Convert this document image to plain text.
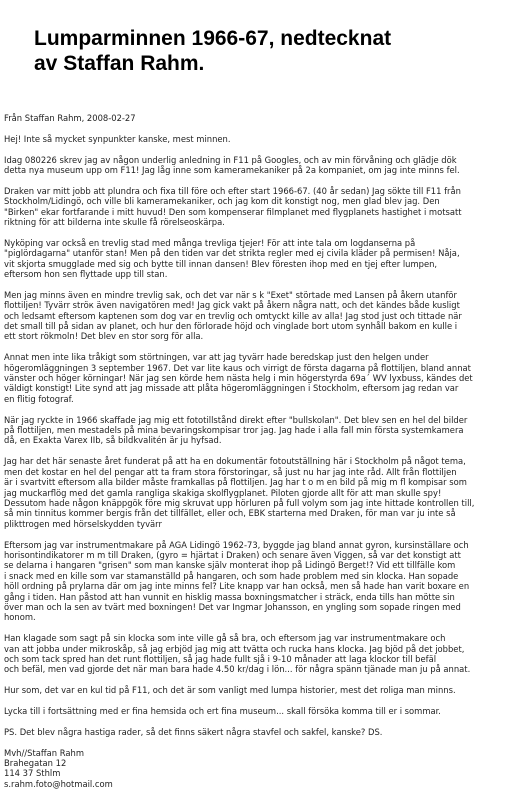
Lumparminnen 1966-67, nedtecknat
av Staffan Rahm.
Från Staffan Rahm, 2008-02-27
Hej! Inte så mycket synpunkter kanske, mest minnen.
Idag 080226 skrev jag av någon underlig anledning in F11 på Googles, och av min förvåning och glädje dök
detta nya museum upp om F11! Jag låg inne som kameramekaniker på 2a kompaniet, om jag inte minns fel.
Draken var mitt jobb att plundra och fixa till före och efter start 1966-67. (40 år sedan) Jag sökte till F11 från
Stockholm/Lidingö, och ville bli kameramekaniker, och jag kom dit konstigt nog, men glad blev jag. Den
"Birken" ekar fortfarande i mitt huvud! Den som kompenserar filmplanet med flygplanets hastighet i motsatt
riktning för att bilderna inte skulle få rörelseoskärpa.
Nyköping var också en trevlig stad med många trevliga tjejer! För att inte tala om logdanserna på
"piglördagarna" utanför stan! Men på den tiden var det strikta regler med ej civila kläder på permisen! Nåja,
vit skjorta smugglade med sig och bytte till innan dansen! Blev föresten ihop med en tjej efter lumpen,
eftersom hon sen flyttade upp till stan.
Men jag minns även en mindre trevlig sak, och det var när s k "Exet" störtade med Lansen på åkern utanför
flottiljen! Tyvärr ströк även navigatören med! Jag gick vakt på åkern några natt, och det kändes både kusligt
och ledsamt eftersom kaptenen som dog var en trevlig och omtyckt kille av alla! Jag stod just och tittade när
det small till på sidan av planet, och hur den förlorade höjd och vinglade bort utom synhåll bakom en kulle i
ett stort rökmoln! Det blev en stor sorg för alla.
Annat men inte lika tråkigt som störtningen, var att jag tyvärr hade beredskap just den helgen under
högeromläggningen 3 september 1967. Det var lite kaus och virrigt de första dagarna på flottiljen, bland annat
vänster och höger körningar! När jag sen körde hem nästa helg i min högerstyrda 69a´ WV lyxbuss, kändes det
väldigt konstigt! Lite synd att jag missade att plåta högeromläggningen i Stockholm, eftersom jag redan var
en flitig fotograf.
När jag ryckte in 1966 skaffade jag mig ett fototillstånd direkt efter "bullskolan". Det blev sen en hel del bilder
på flottiljen, men mestadels på mina bevaringskompisar tror jag. Jag hade i alla fall min första systemkamera
då, en Exakta Varex IIb, så bildkvalitén är ju hyfsad.
Jag har det här senaste året funderat på att ha en dokumentär fotoutställning här i Stockholm på något tema,
men det kostar en hel del pengar att ta fram stora förstoringar, så just nu har jag inte råd. Allt från flottiljen
är i svartvitt eftersom alla bilder måste framkallas på flottiljen. Jag har t o m en bild på mig m fl kompisar som
jag muckarflög med det gamla rangliga skakiga skolflygplanet. Piloten gjorde allt för att man skulle spy!
Dessutom hade någon knäppgök före mig skruvat upp hörluren på full volym som jag inte hittade kontrollen till,
så min tinnitus kommer bergis från det tillfället, eller och, EBK starterna med Draken, för man var ju inte så
plikttrogen med hörselskydden tyvärr
Eftersom jag var instrumentmakare på AGA Lidingö 1962-73, byggde jag bland annat gyron, kursinställare och
horisontindikatorer m m till Draken, (gyro = hjärtat i Draken) och senare även Viggen, så var det konstigt att
se delarna i hangaren "grisen" som man kanske själv monterat ihop på Lidingö Berget!? Vid ett tillfälle kom
i snack med en kille som var stamanställd på hangaren, och som hade problem med sin klocka. Han sopade
höll ordning på prylarna där om jag inte minns fel? Lite knapp var han också, men så hade han varit boxare en
gång i tiden. Han påstod att han vunnit en hisklig massa boxningsmatcher i sträck, enda tills han mötte sin
över man och la sen av tvärt med boxningen! Det var Ingmar Johansson, en yngling som sopade ringen med
honom.
Han klagade som sagt på sin klocka som inte ville gå så bra, och eftersom jag var instrumentmakare och
van att jobba under mikroskåp, så jag erbjöd jag mig att tvätta och rucka hans klocka. Jag bjöd på det jobbet,
och som tack spred han det runt flottiljen, så jag hade fullt sjå i 9-10 månader att laga klockor till befäl
och befäl, men vad gjorde det när man bara hade 4.50 kr/dag i lön... för några spänn tjänade man ju på annat.
Hur som, det var en kul tid på F11, och det är som vanligt med lumpa historier, mest det roliga man minns.
Lycka till i fortsättning med er fina hemsida och ert fina museum... skall försöka komma till er i sommar.
PS. Det blev några hastiga rader, så det finns säkert några stavfel och sakfel, kanske? DS.
Mvh//Staffan Rahm
Brahegatan 12
114 37 Sthlm
s.rahm.foto@hotmail.com
